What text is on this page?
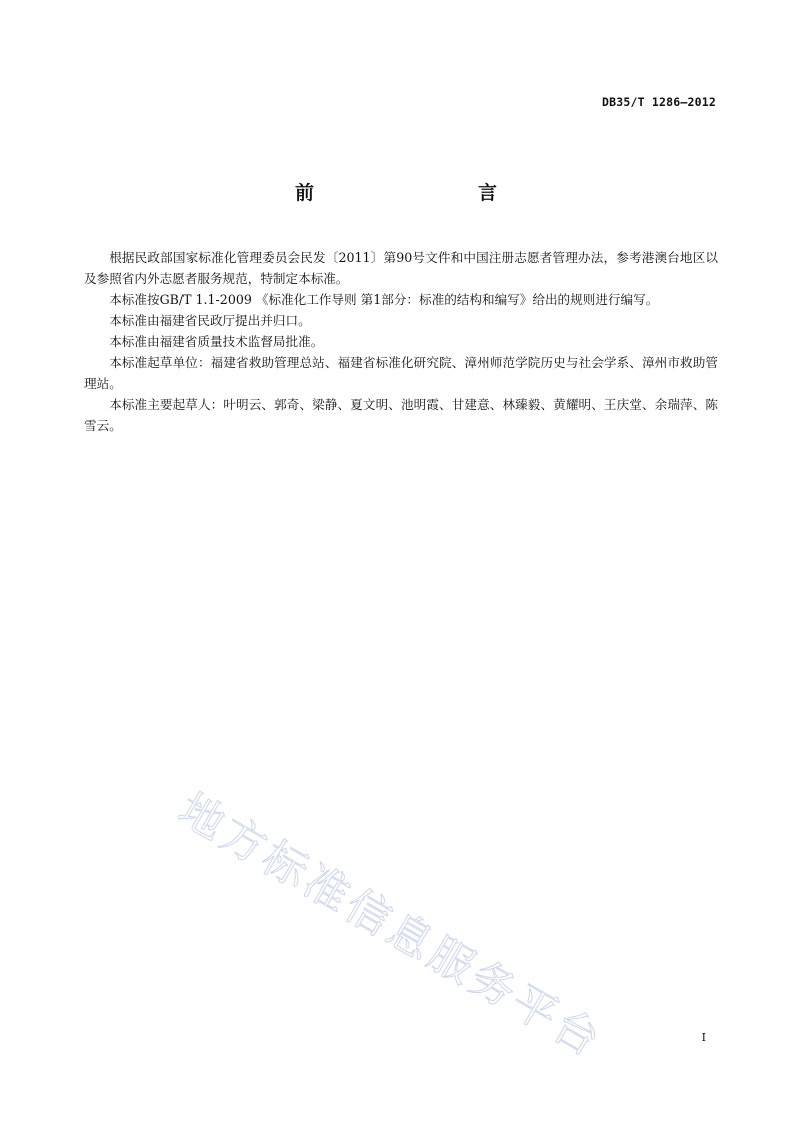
DB35/T 1286—2012
前　　言

根据民政部国家标准化管理委员会民发〔2011〕第90号文件和中国注册志愿者管理办法，参考港澳台地区以及参照省内外志愿者服务规范，特制定本标准。

本标准按GB/T 1.1-2009 《标准化工作导则 第1部分：标准的结构和编写》给出的规则进行编写。

本标准由福建省民政厅提出并归口。

本标准由福建省质量技术监督局批准。

本标准起草单位：福建省救助管理总站、福建省标准化研究院、漳州师范学院历史与社会学系、漳州市救助管理站。

本标准主要起草人：叶明云、郭奇、梁静、夏文明、池明霞、甘建意、林臻毅、黄耀明、王庆堂、余瑞萍、陈雪云。

地方标准信息服务平台	I
